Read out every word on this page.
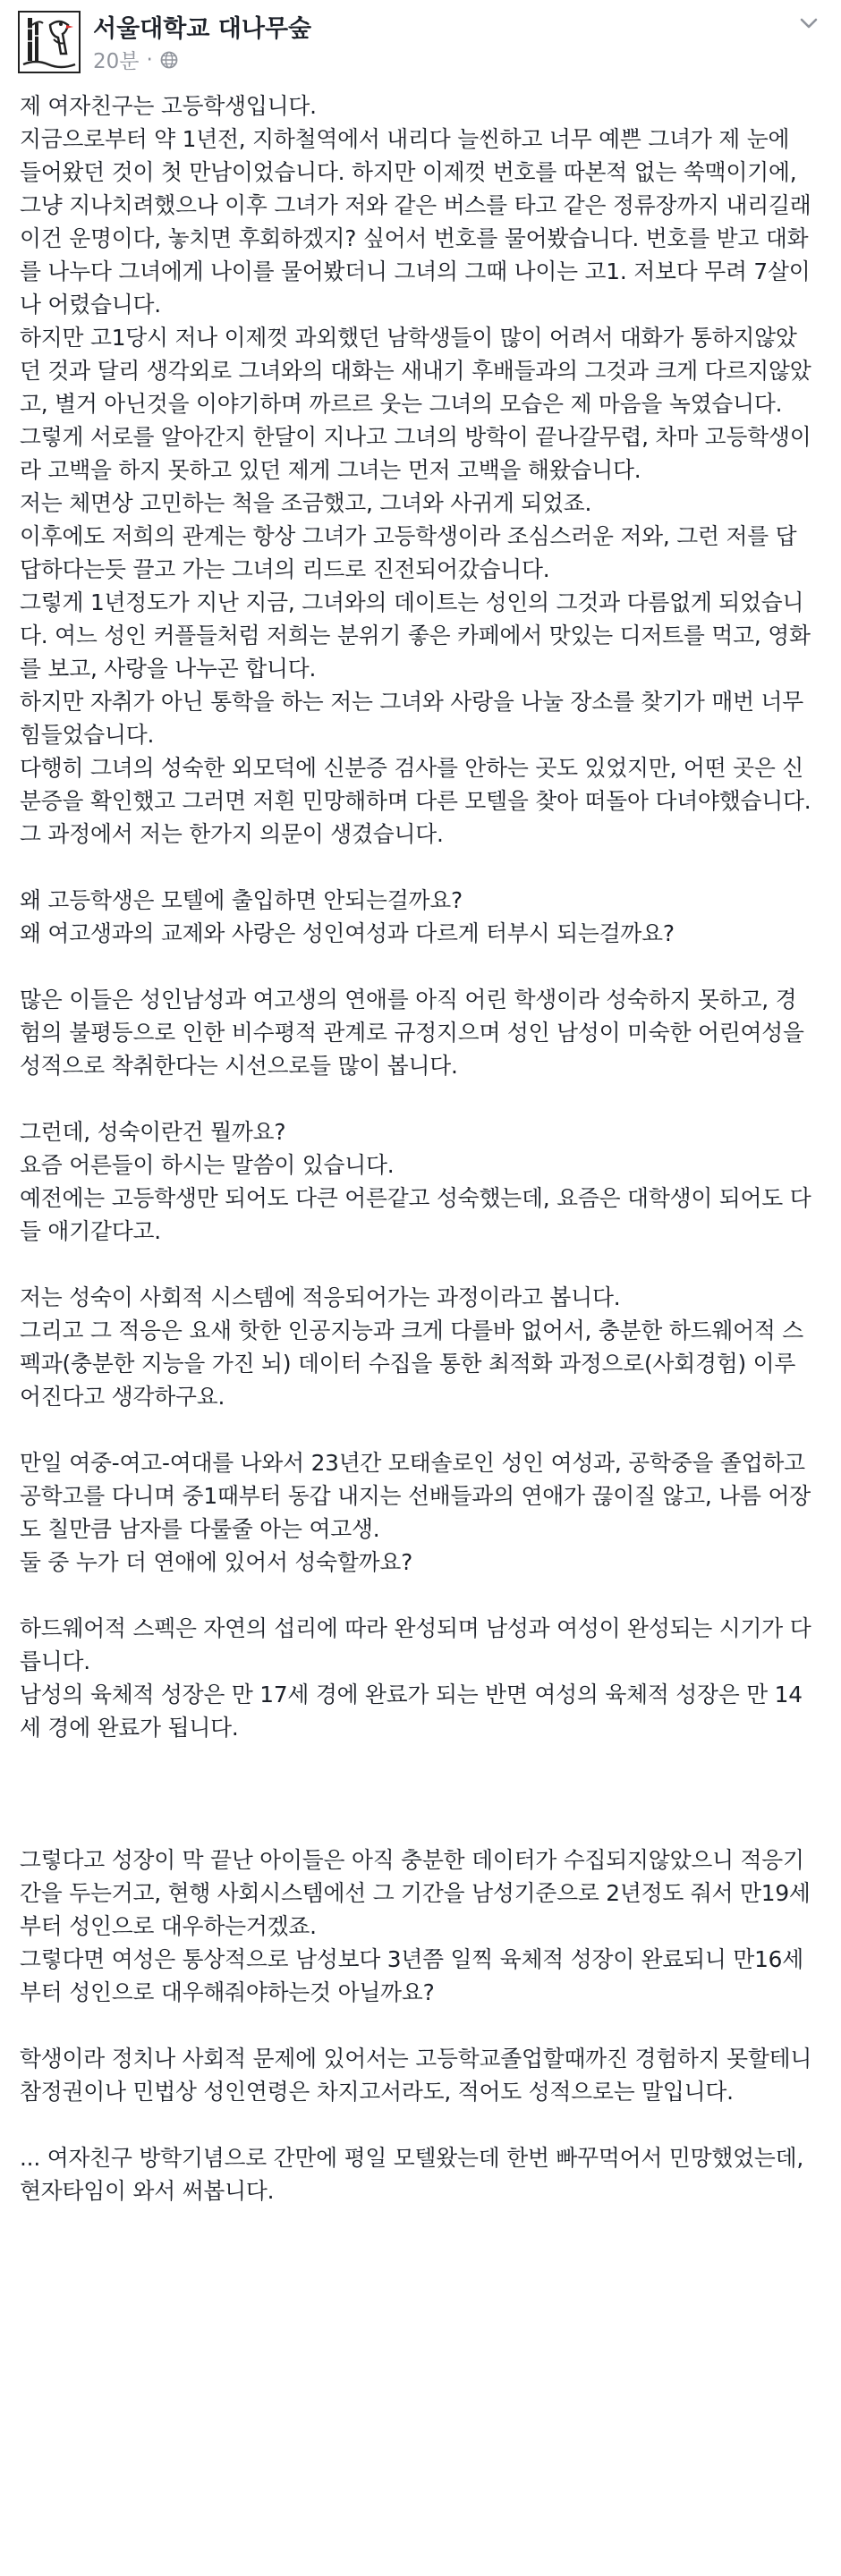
서울대학교 대나무숲
20분 ·
제 여자친구는 고등학생입니다.
지금으로부터 약 1년전, 지하철역에서 내리다 늘씬하고 너무 예쁜 그녀가 제 눈에 들어왔던 것이 첫 만남이었습니다. 하지만 이제껏 번호를 따본적 없는 쑥맥이기에, 그냥 지나치려했으나 이후 그녀가 저와 같은 버스를 타고 같은 정류장까지 내리길래 이건 운명이다, 놓치면 후회하겠지? 싶어서 번호를 물어봤습니다. 번호를 받고 대화를 나누다 그녀에게 나이를 물어봤더니 그녀의 그때 나이는 고1. 저보다 무려 7살이나 어렸습니다.
하지만 고1당시 저나 이제껏 과외했던 남학생들이 많이 어려서 대화가 통하지않았던 것과 달리 생각외로 그녀와의 대화는 새내기 후배들과의 그것과 크게 다르지않았고, 별거 아닌것을 이야기하며 까르르 웃는 그녀의 모습은 제 마음을 녹였습니다.
그렇게 서로를 알아간지 한달이 지나고 그녀의 방학이 끝나갈무렵, 차마 고등학생이라 고백을 하지 못하고 있던 제게 그녀는 먼저 고백을 해왔습니다.
저는 체면상 고민하는 척을 조금했고, 그녀와 사귀게 되었죠.
이후에도 저희의 관계는 항상 그녀가 고등학생이라 조심스러운 저와, 그런 저를 답답하다는듯 끌고 가는 그녀의 리드로 진전되어갔습니다.
그렇게 1년정도가 지난 지금, 그녀와의 데이트는 성인의 그것과 다름없게 되었습니다. 여느 성인 커플들처럼 저희는 분위기 좋은 카페에서 맛있는 디저트를 먹고, 영화를 보고, 사랑을 나누곤 합니다.
하지만 자취가 아닌 통학을 하는 저는 그녀와 사랑을 나눌 장소를 찾기가 매번 너무 힘들었습니다.
다행히 그녀의 성숙한 외모덕에 신분증 검사를 안하는 곳도 있었지만, 어떤 곳은 신분증을 확인했고 그러면 저흰 민망해하며 다른 모텔을 찾아 떠돌아 다녀야했습니다.
그 과정에서 저는 한가지 의문이 생겼습니다.

왜 고등학생은 모텔에 출입하면 안되는걸까요?
왜 여고생과의 교제와 사랑은 성인여성과 다르게 터부시 되는걸까요?

많은 이들은 성인남성과 여고생의 연애를 아직 어린 학생이라 성숙하지 못하고, 경험의 불평등으로 인한 비수평적 관계로 규정지으며 성인 남성이 미숙한 어린여성을 성적으로 착취한다는 시선으로들 많이 봅니다.

그런데, 성숙이란건 뭘까요?
요즘 어른들이 하시는 말씀이 있습니다.
예전에는 고등학생만 되어도 다큰 어른같고 성숙했는데, 요즘은 대학생이 되어도 다들 애기같다고.

저는 성숙이 사회적 시스템에 적응되어가는 과정이라고 봅니다.
그리고 그 적응은 요새 핫한 인공지능과 크게 다를바 없어서, 충분한 하드웨어적 스펙과(충분한 지능을 가진 뇌) 데이터 수집을 통한 최적화 과정으로(사회경험) 이루어진다고 생각하구요.

만일 여중-여고-여대를 나와서 23년간 모태솔로인 성인 여성과, 공학중을 졸업하고 공학고를 다니며 중1때부터 동갑 내지는 선배들과의 연애가 끊이질 않고, 나름 어장도 칠만큼 남자를 다룰줄 아는 여고생.
둘 중 누가 더 연애에 있어서 성숙할까요?

하드웨어적 스펙은 자연의 섭리에 따라 완성되며 남성과 여성이 완성되는 시기가 다릅니다.
남성의 육체적 성장은 만 17세 경에 완료가 되는 반면 여성의 육체적 성장은 만 14세 경에 완료가 됩니다.

그렇다고 성장이 막 끝난 아이들은 아직 충분한 데이터가 수집되지않았으니 적응기간을 두는거고, 현행 사회시스템에선 그 기간을 남성기준으로 2년정도 줘서 만19세부터 성인으로 대우하는거겠죠.
그렇다면 여성은 통상적으로 남성보다 3년쯤 일찍 육체적 성장이 완료되니 만16세부터 성인으로 대우해줘야하는것 아닐까요?

학생이라 정치나 사회적 문제에 있어서는 고등학교졸업할때까진 경험하지 못할테니 참정권이나 민법상 성인연령은 차지고서라도, 적어도 성적으로는 말입니다.

... 여자친구 방학기념으로 간만에 평일 모텔왔는데 한번 빠꾸먹어서 민망했었는데, 현자타임이 와서 써봅니다.
